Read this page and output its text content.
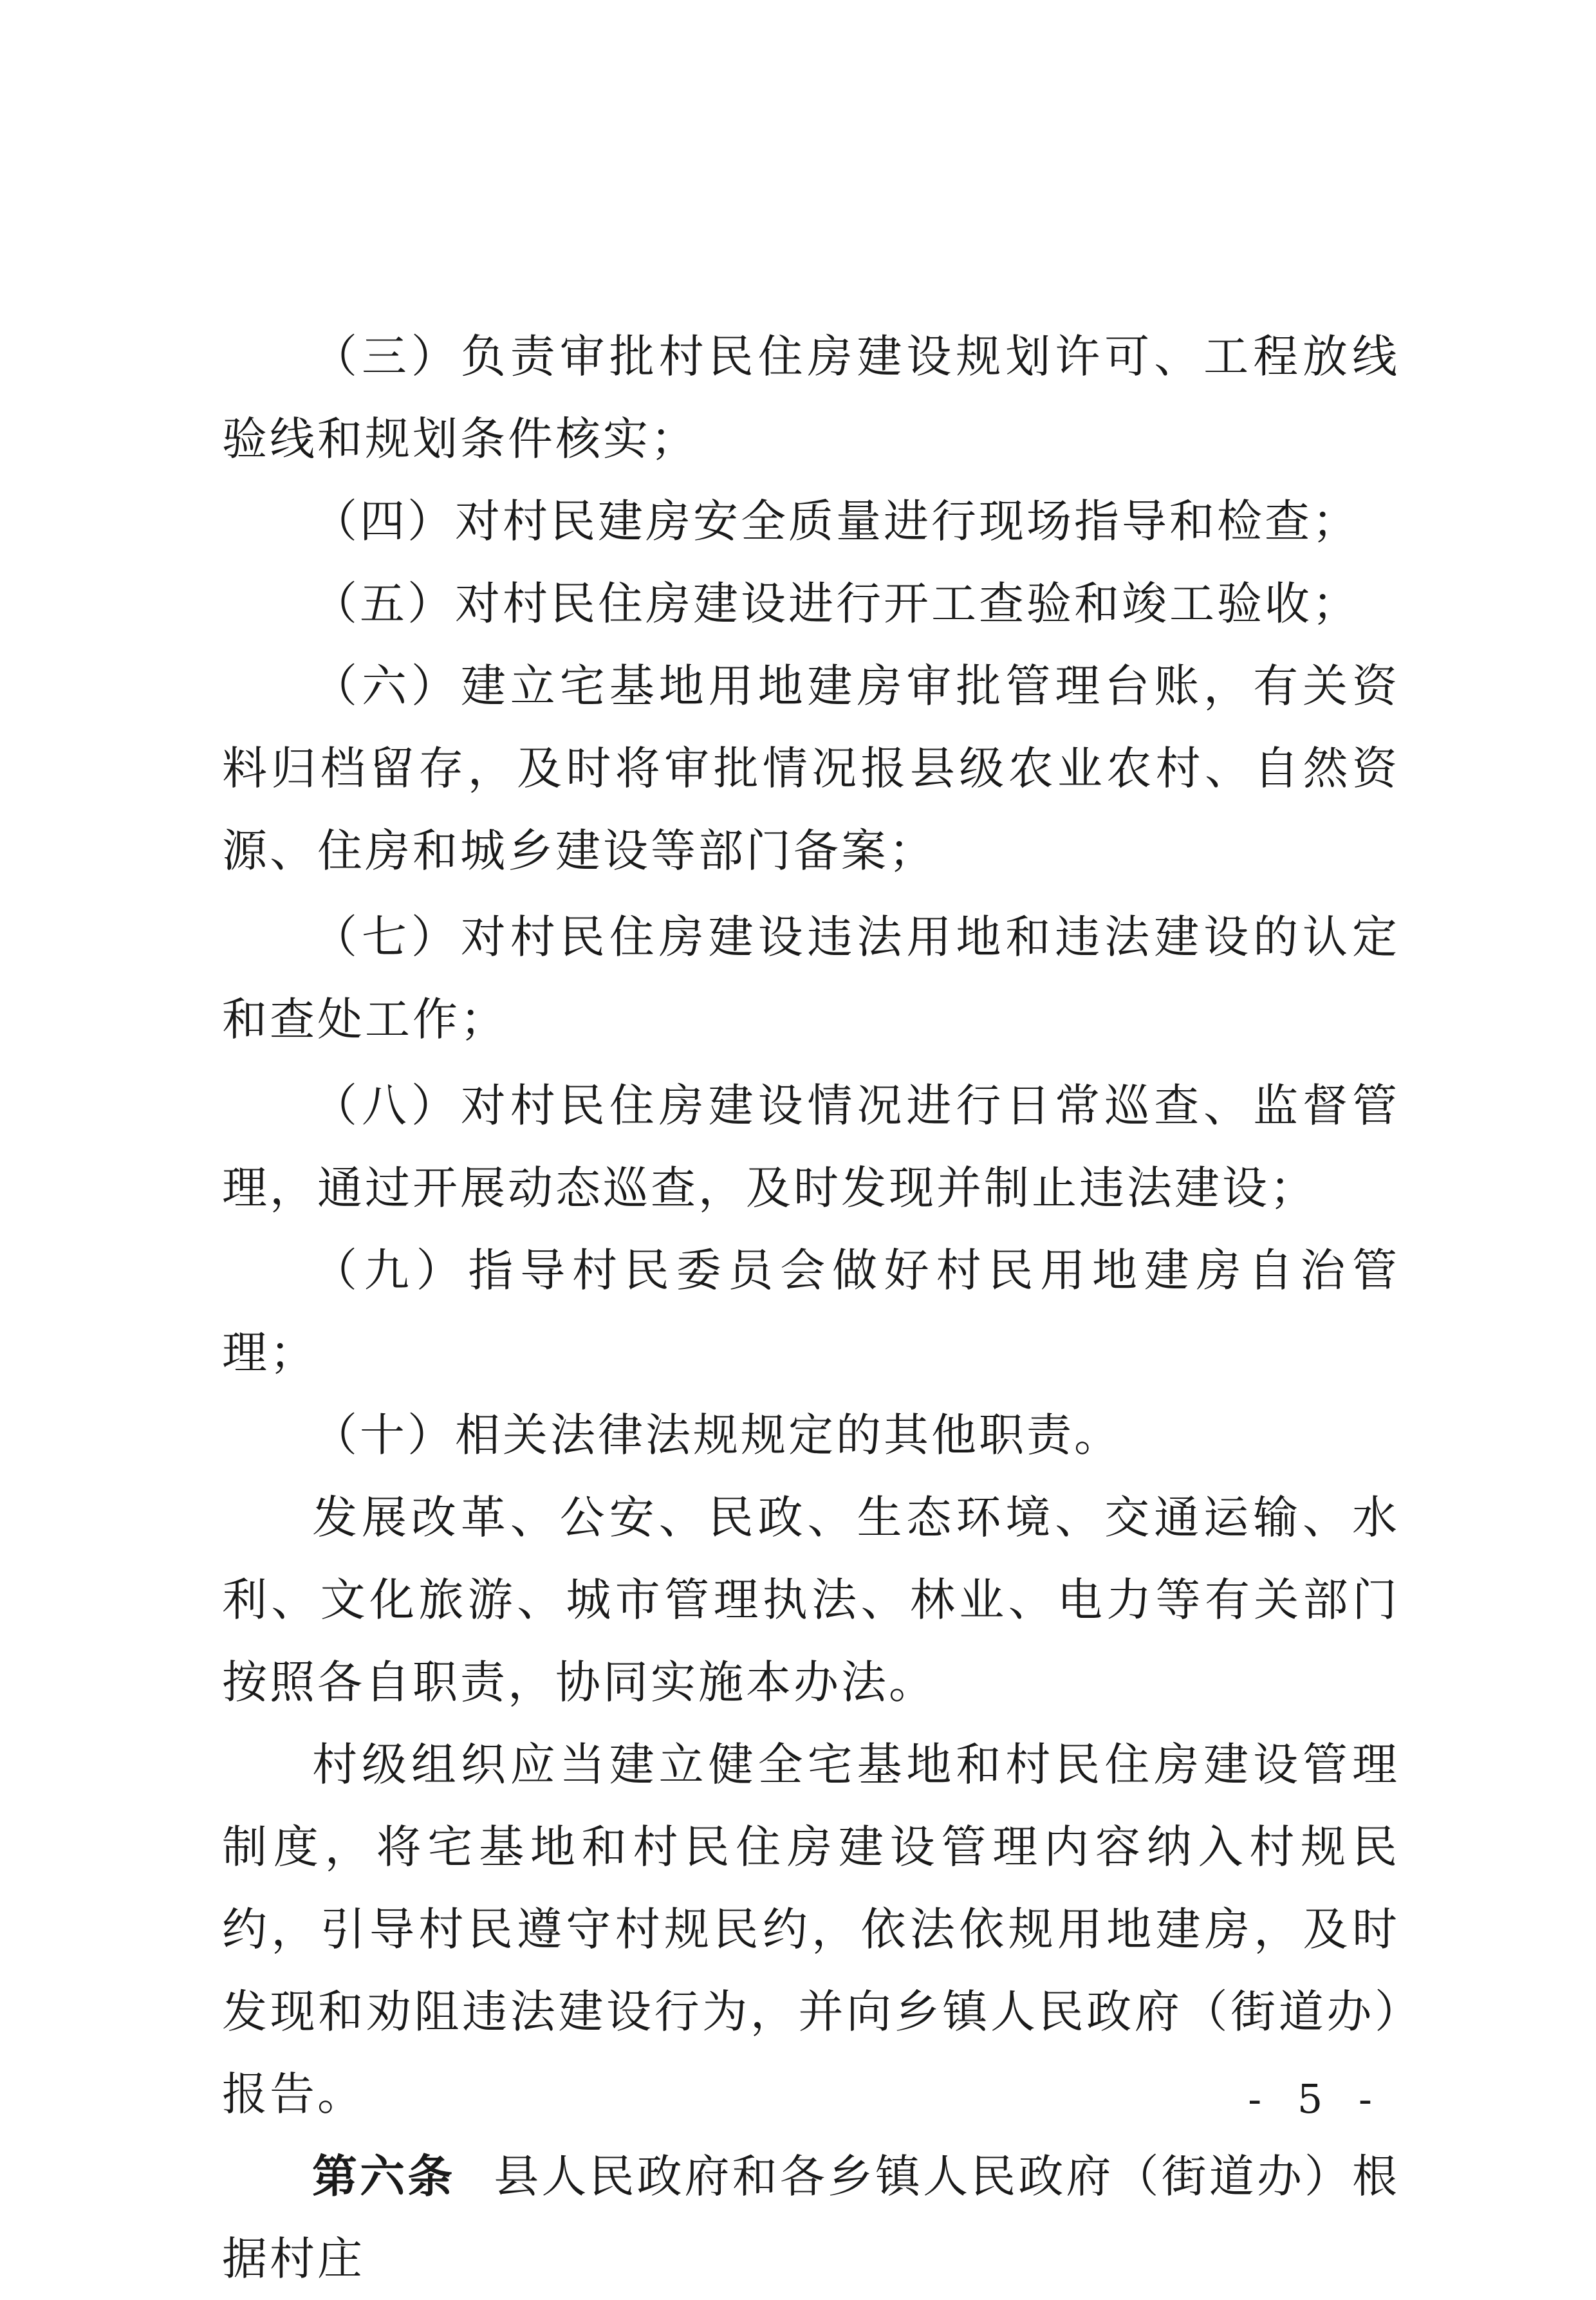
（三）负责审批村民住房建设规划许可、工程放线验线和规划条件核实；

（四）对村民建房安全质量进行现场指导和检查；

（五）对村民住房建设进行开工查验和竣工验收；

（六）建立宅基地用地建房审批管理台账，有关资料归档留存，及时将审批情况报县级农业农村、自然资源、住房和城乡建设等部门备案；

（七）对村民住房建设违法用地和违法建设的认定和查处工作；

（八）对村民住房建设情况进行日常巡查、监督管理，通过开展动态巡查，及时发现并制止违法建设；

（九）指导村民委员会做好村民用地建房自治管理；

（十）相关法律法规规定的其他职责。

发展改革、公安、民政、生态环境、交通运输、水利、文化旅游、城市管理执法、林业、电力等有关部门按照各自职责，协同实施本办法。

村级组织应当建立健全宅基地和村民住房建设管理制度，将宅基地和村民住房建设管理内容纳入村规民约，引导村民遵守村规民约，依法依规用地建房，及时发现和劝阻违法建设行为，并向乡镇人民政府（街道办）报告。

第六条 县人民政府和各乡镇人民政府（街道办）根据村庄

- 5 -
